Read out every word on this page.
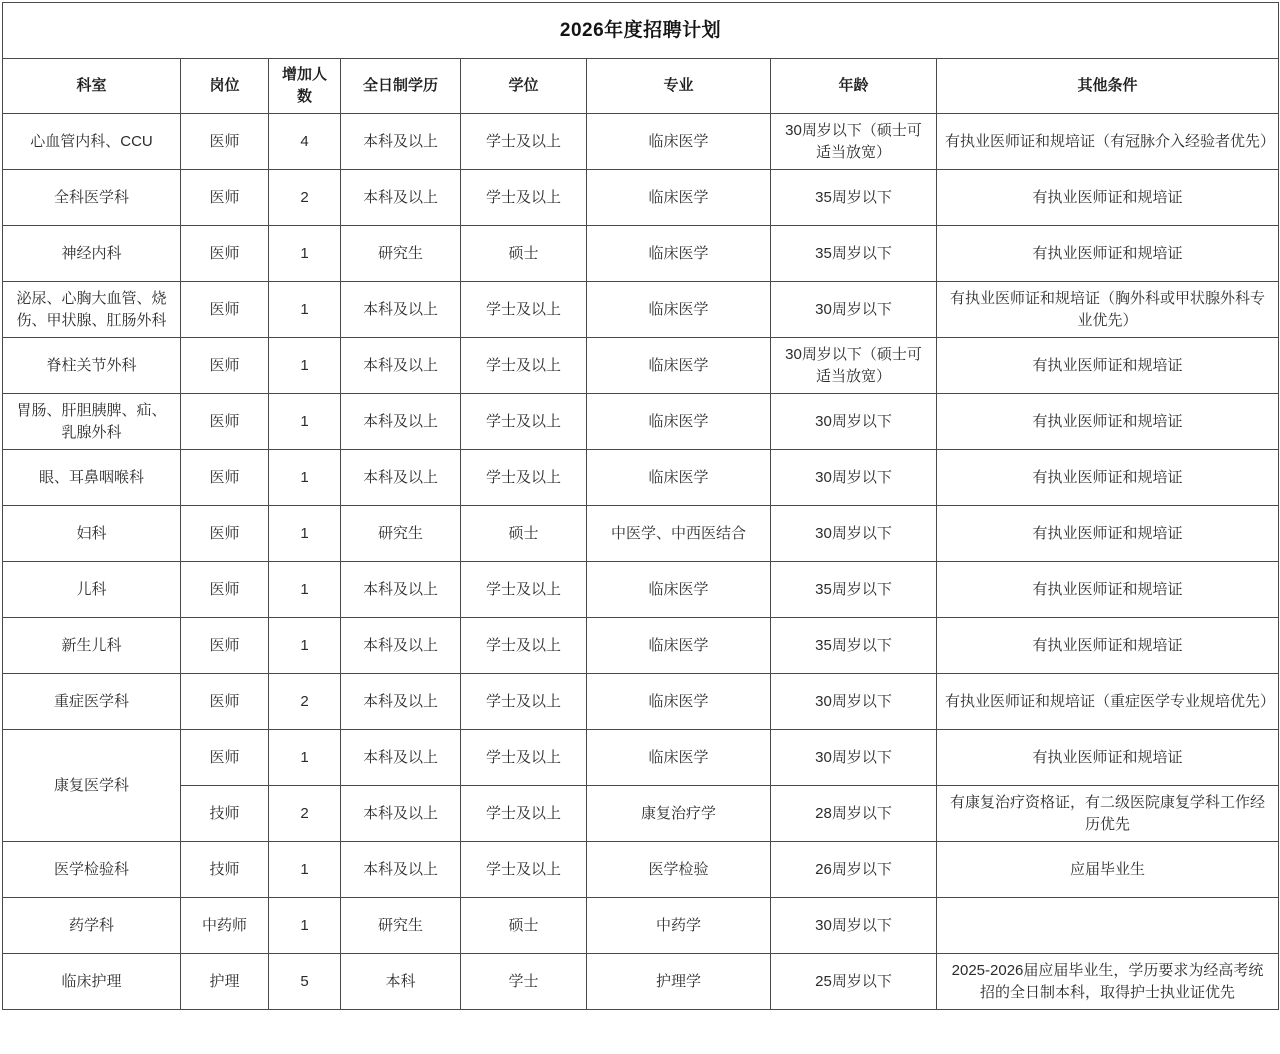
2026年度招聘计划							
科室	岗位	增加人数	全日制学历	学位	专业	年龄	其他条件
心血管内科、CCU	医师	4	本科及以上	学士及以上	临床医学	30周岁以下（硕士可适当放宽）	有执业医师证和规培证（有冠脉介入经验者优先）
全科医学科	医师	2	本科及以上	学士及以上	临床医学	35周岁以下	有执业医师证和规培证
神经内科	医师	1	研究生	硕士	临床医学	35周岁以下	有执业医师证和规培证
泌尿、心胸大血管、烧伤、甲状腺、肛肠外科	医师	1	本科及以上	学士及以上	临床医学	30周岁以下	有执业医师证和规培证（胸外科或甲状腺外科专业优先）
脊柱关节外科	医师	1	本科及以上	学士及以上	临床医学	30周岁以下（硕士可适当放宽）	有执业医师证和规培证
胃肠、肝胆胰脾、疝、乳腺外科	医师	1	本科及以上	学士及以上	临床医学	30周岁以下	有执业医师证和规培证
眼、耳鼻咽喉科	医师	1	本科及以上	学士及以上	临床医学	30周岁以下	有执业医师证和规培证
妇科	医师	1	研究生	硕士	中医学、中西医结合	30周岁以下	有执业医师证和规培证
儿科	医师	1	本科及以上	学士及以上	临床医学	35周岁以下	有执业医师证和规培证
新生儿科	医师	1	本科及以上	学士及以上	临床医学	35周岁以下	有执业医师证和规培证
重症医学科	医师	2	本科及以上	学士及以上	临床医学	30周岁以下	有执业医师证和规培证（重症医学专业规培优先）
康复医学科	医师	1	本科及以上	学士及以上	临床医学	30周岁以下	有执业医师证和规培证
	技师	2	本科及以上	学士及以上	康复治疗学	28周岁以下	有康复治疗资格证，有二级医院康复学科工作经历优先
医学检验科	技师	1	本科及以上	学士及以上	医学检验	26周岁以下	应届毕业生
药学科	中药师	1	研究生	硕士	中药学	30周岁以下	
临床护理	护理	5	本科	学士	护理学	25周岁以下	2025-2026届应届毕业生，学历要求为经高考统招的全日制本科，取得护士执业证优先
